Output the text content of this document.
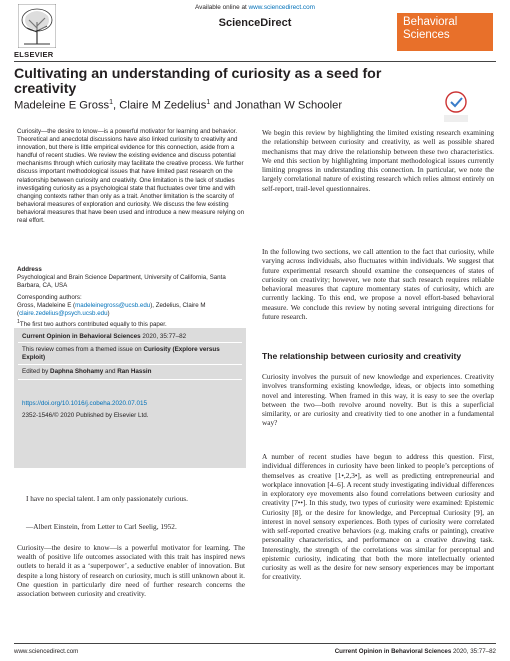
ELSEVIER
Available online at www.sciencedirect.com
ScienceDirect	Behavioral
Sciences
Cultivating an understanding of curiosity as a seed for creativity
Madeleine E Gross$^1$, Claire M Zedelius$^1$ and Jonathan W Schooler
Curiosity—the desire to know—is a powerful motivator for learning and behavior. Theoretical and anecdotal discussions have also linked curiosity to creativity and innovation, but there is little empirical evidence for this connection, aside from a handful of recent studies. We review the existing evidence and discuss potential mechanisms through which curiosity may facilitate the creative process. We further discuss important methodological issues that have limited past research on the relationship between curiosity and creativity. One limitation is the lack of studies investigating curiosity as a psychological state that fluctuates over time and with changing contexts rather than only as a trait. Another limitation is the scarcity of behavioral measures of exploration and curiosity. We discuss the few existing behavioral measures that have been used and introduce a new measure relying on real effort.
Address
Psychological and Brain Science Department, University of California, Santa Barbara, CA, USA
Corresponding authors:
Gross, Madeleine E (madeleinegross@ucsb.edu), Zedelius, Claire M (claire.zedelius@psych.ucsb.edu)
$^1$The first two authors contributed equally to this paper.
Current Opinion in Behavioral Sciences 2020, 35:77–82
This review comes from a themed issue on Curiosity (Explore versus Exploit)
Edited by Daphna Shohamy and Ran Hassin
https://doi.org/10.1016/j.cobeha.2020.07.015
2352-1546/© 2020 Published by Elsevier Ltd.
I have no special talent. I am only passionately curious.
—Albert Einstein, from Letter to Carl Seelig, 1952.
Curiosity—the desire to know—is a powerful motivator for learning. The wealth of positive life outcomes associated with this trait has inspired news outlets to herald it as a ‘superpower’, a seductive enabler of innovation. But despite a long history of research on curiosity, much is still unknown about it. One question in particularly dire need of further research concerns the association between curiosity and creativity.
We begin this review by highlighting the limited existing research examining the relationship between curiosity and creativity, as well as possible shared mechanisms that may drive the relationship between these two characteristics. We end this section by highlighting important methodological issues currently limiting progress in understanding this connection. In particular, we note the largely correlational nature of existing research which relies almost entirely on self-report, trail-level questionnaires.
In the following two sections, we call attention to the fact that curiosity, while varying across individuals, also fluctuates within individuals. We suggest that future experimental research should examine the consequences of states of curiosity on creativity; however, we note that such research requires reliable behavioral measures that capture momentary states of curiosity, which are currently lacking. To this end, we propose a novel effort-based behavioral measure. We conclude this review by noting several intriguing directions for future research.
The relationship between curiosity and creativity
Curiosity involves the pursuit of new knowledge and experiences. Creativity involves transforming existing knowledge, ideas, or objects into something novel and interesting. When framed in this way, it is easy to see the overlap between the two—both revolve around novelty. But is this a superficial similarity, or are curiosity and creativity tied to one another in a fundamental way?
A number of recent studies have begun to address this question. First, individual differences in curiosity have been linked to people’s perceptions of themselves as creative [1•,2,3•], as well as predicting entrepreneurial and workplace innovation [4–6]. A recent study investigating individual differences in exploratory eye movements also found correlations between curiosity and creativity [7••]. In this study, two types of curiosity were examined: Epistemic Curiosity [8], or the desire for knowledge, and Perceptual Curiosity [9], an interest in novel sensory experiences. Both types of curiosity were correlated with self-reported creative behaviors (e.g. making crafts or painting), creative personality characteristics, and performance on a creative drawing task. Interestingly, the strength of the correlations was similar for perceptual and epistemic curiosity, indicating that both the more intellectually oriented curiosity as well as the desire for new sensory experiences may be important for creativity.
www.sciencedirect.com	Current Opinion in Behavioral Sciences 2020, 35:77–82
